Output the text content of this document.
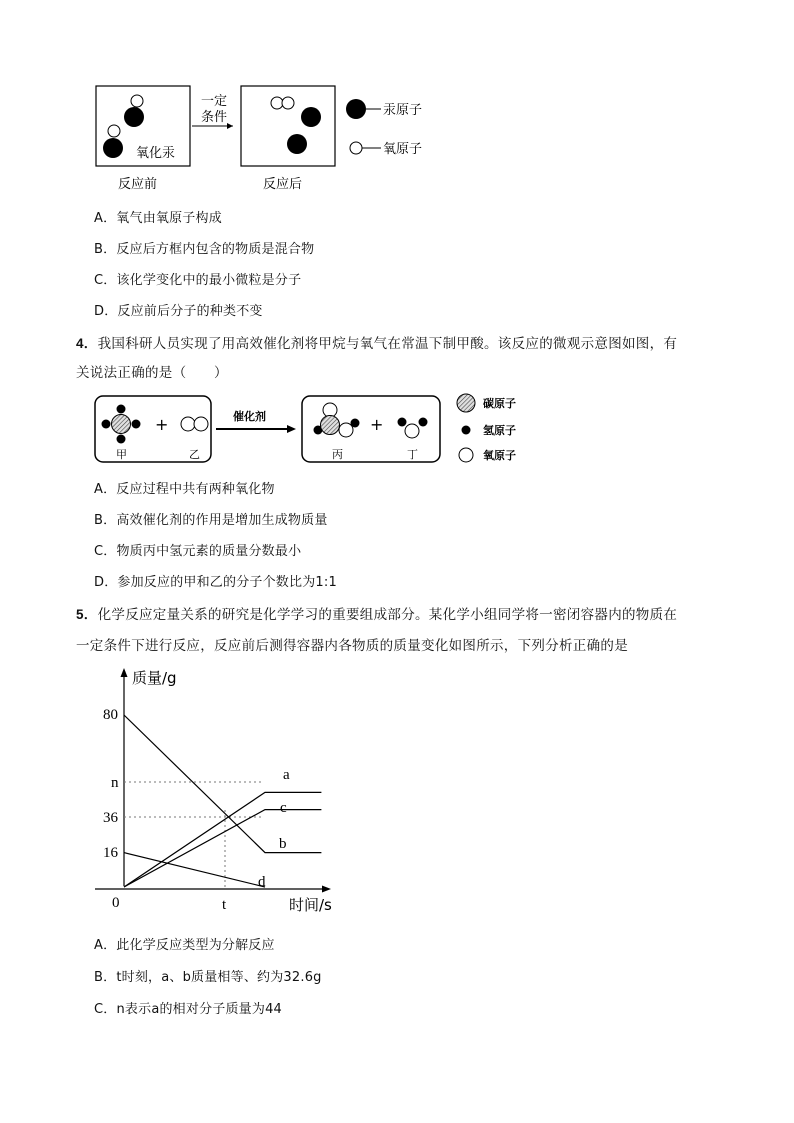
氧化汞
一定
条件
反应前	反应后
汞原子
氧原子
A．氧气由氧原子构成
B．反应后方框内包含的物质是混合物
C．该化学变化中的最小微粒是分子
D．反应前后分子的种类不变
4．我国科研人员实现了用高效催化剂将甲烷与氧气在常温下制甲酸。该反应的微观示意图如图，有
关说法正确的是（　　）
+
甲	乙
催化剂	+
丙	丁
碳原子
氢原子
氧原子
A．反应过程中共有两种氧化物
B．高效催化剂的作用是增加生成物质量
C．物质丙中氢元素的质量分数最小
D．参加反应的甲和乙的分子个数比为1:1
5．化学反应定量关系的研究是化学学习的重要组成部分。某化学小组同学将一密闭容器内的物质在
一定条件下进行反应，反应前后测得容器内各物质的质量变化如图所示，下列分析正确的是
质量/g
时间/s
0
80
n
36
16
t
a
c
b
d
A．此化学反应类型为分解反应
B．t时刻，a、b质量相等、约为32.6g
C．n表示a的相对分子质量为44
